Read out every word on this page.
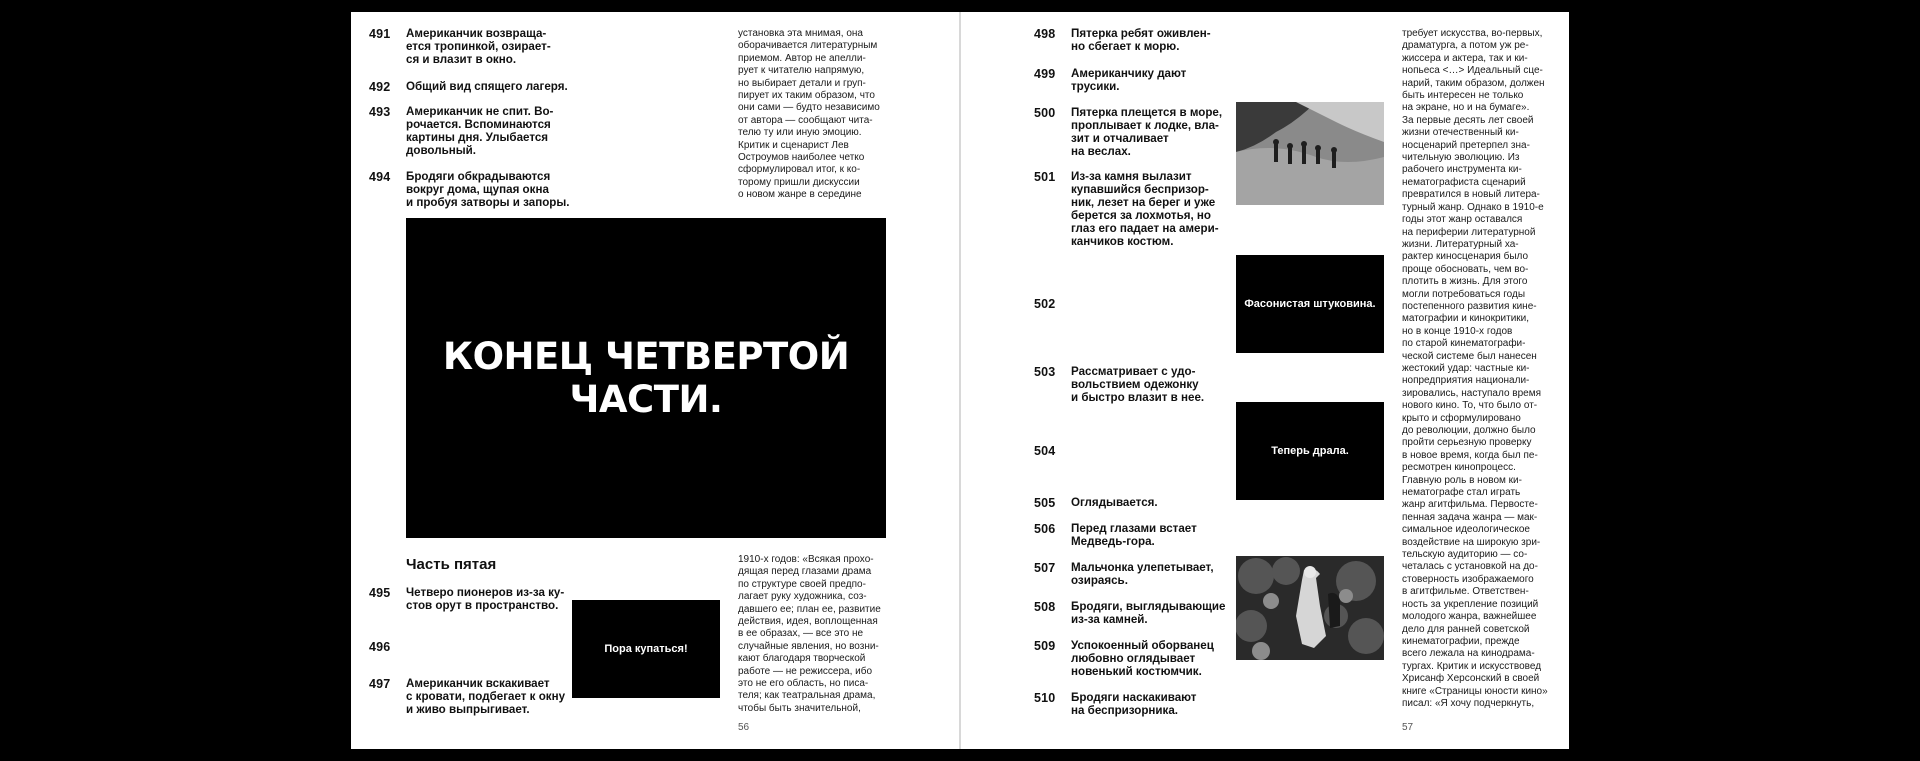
491 Американчик возвраща-
ется тропинкой, озирает-
ся и влазит в окно.
492 Общий вид спящего лагеря.
493 Американчик не спит. Во-
рочается. Вспоминаются
картины дня. Улыбается
довольный.
494 Бродяги обкрадываются
вокруг дома, щупая окна
и пробуя затворы и запоры.
установка эта мнимая, она
оборачивается литературным
приемом. Автор не апелли-
рует к читателю напрямую,
но выбирает детали и груп-
пирует их таким образом, что
они сами — будто независимо
от автора — сообщают чита-
телю ту или иную эмоцию.
Критик и сценарист Лев
Остроумов наиболее четко
сформулировал итог, к ко-
торому пришли дискуссии
о новом жанре в середине
КОНЕЦ ЧЕТВЕРТОЙ ЧАСТИ.
Часть пятая
495 Четверо пионеров из-за ку-
стов орут в пространство.
496
497 Американчик вскакивает
с кровати, подбегает к окну
и живо выпрыгивает.
Пора купаться!
1910-х годов: «Всякая прохо-
дящая перед глазами драма
по структуре своей предпо-
лагает руку художника, соз-
давшего ее; план ее, развитие
действия, идея, воплощенная
в ее образах, — все это не
случайные явления, но возни-
кают благодаря творческой
работе — не режиссера, ибо
это не его область, но писа-
теля; как театральная драма,
чтобы быть значительной,
56
498 Пятерка ребят оживлен-
но сбегает к морю.
499 Американчику дают
трусики.
500 Пятерка плещется в море,
проплывает к лодке, вла-
зит и отчаливает
на веслах.
501 Из-за камня вылазит
купавшийся беспризор-
ник, лезет на берег и уже
берется за лохмотья, но
глаз его падает на амери-
канчиков костюм.
Фасонистая штуковина.
502
503 Рассматривает с удо-
вольствием одежонку
и быстро влазит в нее.
Теперь драла.
504
505 Оглядывается.
506 Перед глазами встает
Медведь-гора.
507 Мальчонка улепетывает,
озираясь.
508 Бродяги, выглядывающие
из-за камней.
509 Успокоенный оборванец
любовно оглядывает
новенький костюмчик.
510 Бродяги наскакивают
на беспризорника.
требует искусства, во-первых,
драматурга, а потом уж ре-
жиссера и актера, так и ки-
нопьеса <…> Идеальный сце-
нарий, таким образом, должен
быть интересен не только
на экране, но и на бумаге».
За первые десять лет своей
жизни отечественный ки-
носценарий претерпел зна-
чительную эволюцию. Из
рабочего инструмента ки-
нематографиста сценарий
превратился в новый литера-
турный жанр. Однако в 1910-е
годы этот жанр оставался
на периферии литературной
жизни. Литературный ха-
рактер киносценария было
проще обосновать, чем во-
плотить в жизнь. Для этого
могли потребоваться годы
постепенного развития кине-
матографии и кинокритики,
но в конце 1910-х годов
по старой кинематографи-
ческой системе был нанесен
жестокий удар: частные ки-
нопредприятия национали-
зировались, наступало время
нового кино. То, что было от-
крыто и сформулировано
до революции, должно было
пройти серьезную проверку
в новое время, когда был пе-
ресмотрен кинопроцесс.
Главную роль в новом ки-
нематографе стал играть
жанр агитфильма. Первосте-
пенная задача жанра — мак-
симальное идеологическое
воздействие на широкую зри-
тельскую аудиторию — со-
четалась с установкой на до-
стоверность изображаемого
в агитфильме. Ответствен-
ность за укрепление позиций
молодого жанра, важнейшее
дело для ранней советской
кинематографии, прежде
всего лежала на кинодрама-
тургах. Критик и искусствовед
Хрисанф Херсонский в своей
книге «Страницы юности кино»
писал: «Я хочу подчеркнуть,
57
